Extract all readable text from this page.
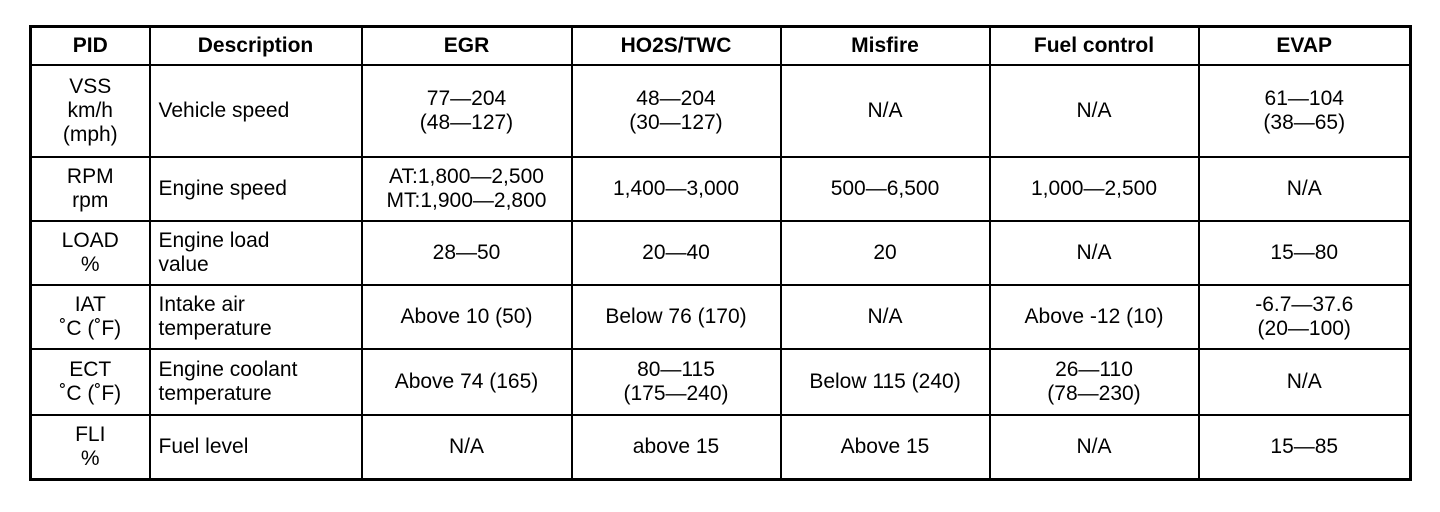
PID	Description	EGR	HO2S/TWC	Misfire	Fuel control	EVAP

VSS
km/h
(mph)	Vehicle speed	77—204
(48—127)	48—204
(30—127)	N/A	N/A	61—104
(38—65)

RPM
rpm	Engine speed	AT:1,800—2,500
MT:1,900—2,800	1,400—3,000	500—6,500	1,000—2,500	N/A

LOAD
%	Engine load
value	28—50	20—40	20	N/A	15—80

IAT
˚C (˚F)	Intake air
temperature	Above 10 (50)	Below 76 (170)	N/A	Above -12 (10)	-6.7—37.6
(20—100)

ECT
˚C (˚F)	Engine coolant
temperature	Above 74 (165)	80—115
(175—240)	Below 115 (240)	26—110
(78—230)	N/A

FLI
%	Fuel level	N/A	above 15	Above 15	N/A	15—85
